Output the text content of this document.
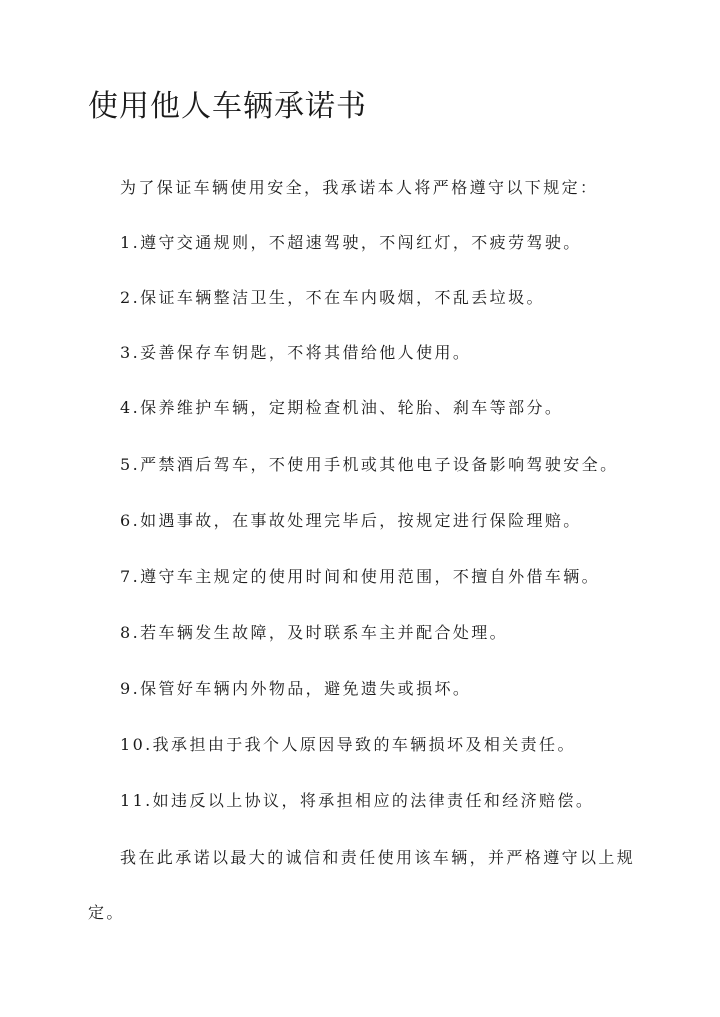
使用他人车辆承诺书

为了保证车辆使用安全，我承诺本人将严格遵守以下规定：

1.遵守交通规则，不超速驾驶，不闯红灯，不疲劳驾驶。

2.保证车辆整洁卫生，不在车内吸烟，不乱丢垃圾。

3.妥善保存车钥匙，不将其借给他人使用。

4.保养维护车辆，定期检查机油、轮胎、刹车等部分。

5.严禁酒后驾车，不使用手机或其他电子设备影响驾驶安全。

6.如遇事故，在事故处理完毕后，按规定进行保险理赔。

7.遵守车主规定的使用时间和使用范围，不擅自外借车辆。

8.若车辆发生故障，及时联系车主并配合处理。

9.保管好车辆内外物品，避免遗失或损坏。

10.我承担由于我个人原因导致的车辆损坏及相关责任。

11.如违反以上协议，将承担相应的法律责任和经济赔偿。

我在此承诺以最大的诚信和责任使用该车辆，并严格遵守以上规定。
